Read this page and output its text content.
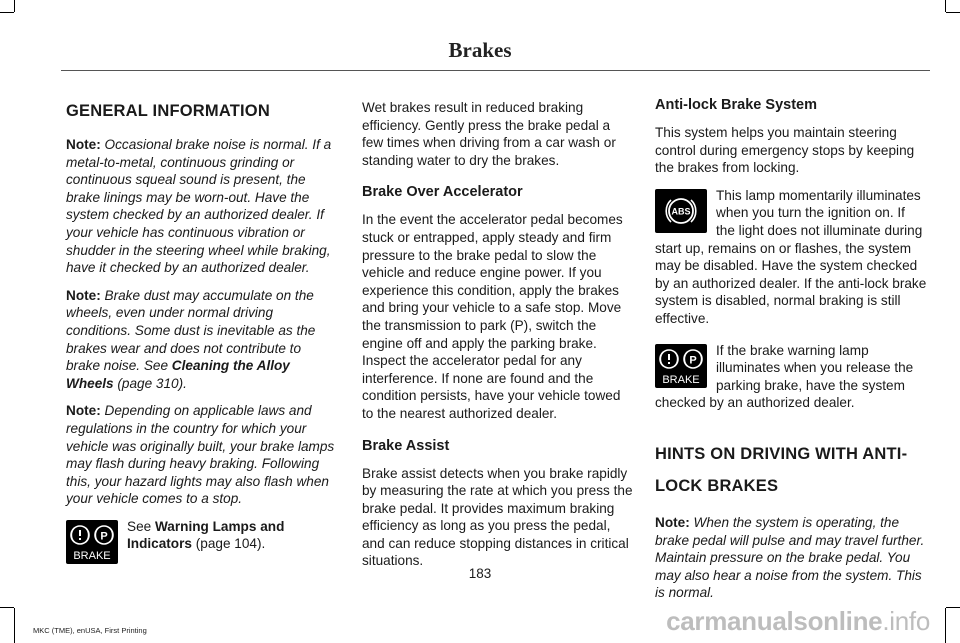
Brakes
GENERAL INFORMATION

Note: Occasional brake noise is normal. If a metal-to-metal, continuous grinding or continuous squeal sound is present, the brake linings may be worn-out. Have the system checked by an authorized dealer. If your vehicle has continuous vibration or shudder in the steering wheel while braking, have it checked by an authorized dealer.

Note: Brake dust may accumulate on the wheels, even under normal driving conditions. Some dust is inevitable as the brakes wear and does not contribute to brake noise. See Cleaning the Alloy Wheels (page 310).

Note: Depending on applicable laws and regulations in the country for which your vehicle was originally built, your brake lamps may flash during heavy braking. Following this, your hazard lights may also flash when your vehicle comes to a stop.

P
BRAKE

See Warning Lamps and Indicators (page 104).

Wet brakes result in reduced braking efficiency. Gently press the brake pedal a few times when driving from a car wash or standing water to dry the brakes.

Brake Over Accelerator

In the event the accelerator pedal becomes stuck or entrapped, apply steady and firm pressure to the brake pedal to slow the vehicle and reduce engine power. If you experience this condition, apply the brakes and bring your vehicle to a safe stop. Move the transmission to park (P), switch the engine off and apply the parking brake. Inspect the accelerator pedal for any interference. If none are found and the condition persists, have your vehicle towed to the nearest authorized dealer.

Brake Assist

Brake assist detects when you brake rapidly by measuring the rate at which you press the brake pedal. It provides maximum braking efficiency as long as you press the pedal, and can reduce stopping distances in critical situations.

Anti-lock Brake System

This system helps you maintain steering control during emergency stops by keeping the brakes from locking.

ABS

This lamp momentarily illuminates when you turn the ignition on. If the light does not illuminate during

start up, remains on or flashes, the system may be disabled. Have the system checked by an authorized dealer. If the anti-lock brake system is disabled, normal braking is still effective.

P
BRAKE

If the brake warning lamp illuminates when you release the parking brake, have the system

checked by an authorized dealer.

HINTS ON DRIVING WITH ANTI-
LOCK BRAKES

Note: When the system is operating, the brake pedal will pulse and may travel further. Maintain pressure on the brake pedal. You may also hear a noise from the system. This is normal.

183
MKC (TME), enUSA, First Printing	carmanualsonline.info
